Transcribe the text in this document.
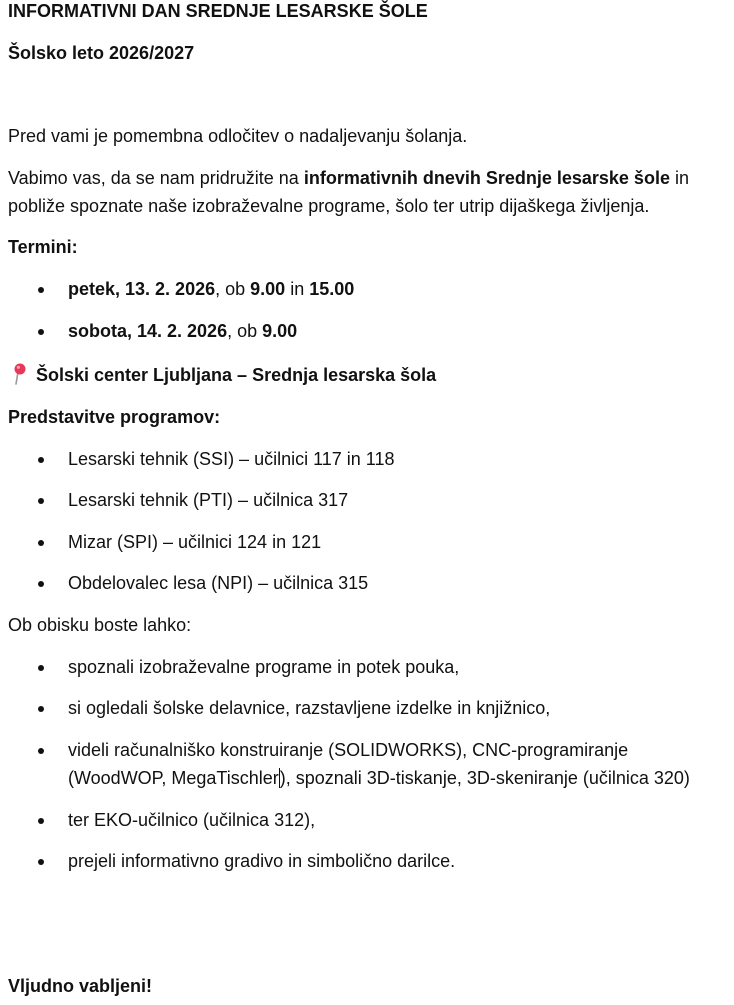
INFORMATIVNI DAN SREDNJE LESARSKE ŠOLE

Šolsko leto 2026/2027

Pred vami je pomembna odločitev o nadaljevanju šolanja.

Vabimo vas, da se nam pridružite na informativnih dnevih Srednje lesarske šole in pobliže spoznate naše izobraževalne programe, šolo ter utrip dijaškega življenja.

Termini:

petek, 13. 2. 2026, ob 9.00 in 15.00
sobota, 14. 2. 2026, ob 9.00

Šolski center Ljubljana – Srednja lesarska šola

Predstavitve programov:

Lesarski tehnik (SSI) – učilnici 117 in 118
Lesarski tehnik (PTI) – učilnica 317
Mizar (SPI) – učilnici 124 in 121
Obdelovalec lesa (NPI) – učilnica 315

Ob obisku boste lahko:

spoznali izobraževalne programe in potek pouka,
si ogledali šolske delavnice, razstavljene izdelke in knjižnico,
videli računalniško konstruiranje (SOLIDWORKS), CNC-programiranje (WoodWOP, MegaTischler), spoznali 3D-tiskanje, 3D-skeniranje (učilnica 320)
ter EKO-učilnico (učilnica 312),
prejeli informativno gradivo in simbolično darilce.

Vljudno vabljeni!
